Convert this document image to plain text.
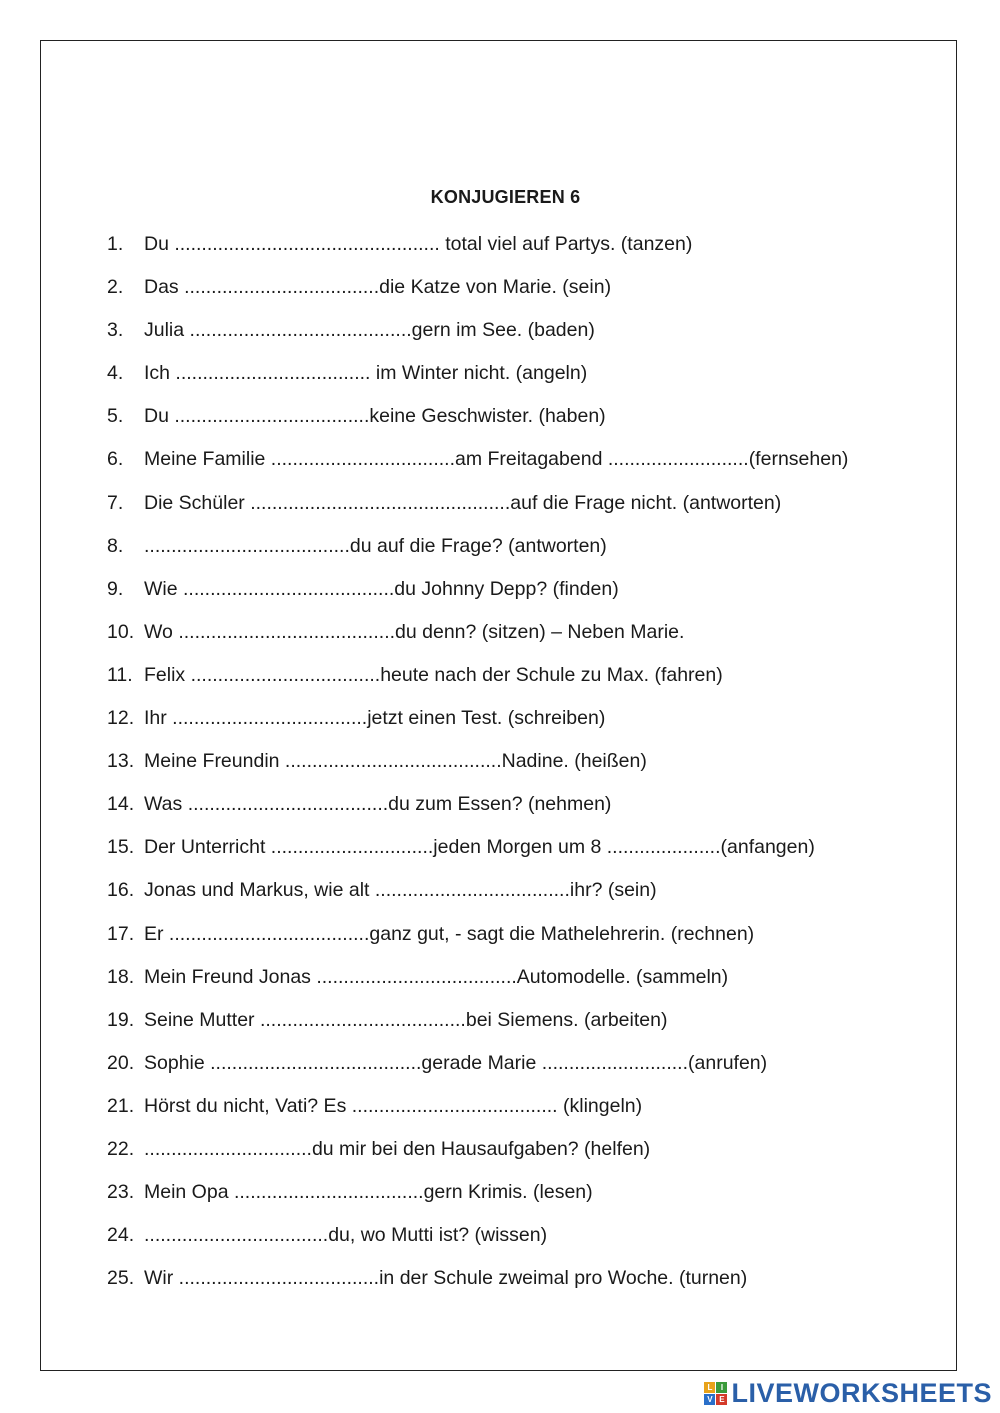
KONJUGIEREN 6
1.	Du ................................................. total viel auf Partys. (tanzen)
2.	Das ....................................die Katze von Marie. (sein)
3.	Julia .........................................gern im See. (baden)
4.	Ich .................................... im Winter nicht. (angeln)
5.	Du ....................................keine Geschwister. (haben)
6.	Meine Familie ..................................am Freitagabend ..........................(fernsehen)
7.	Die Schüler ................................................auf die Frage nicht. (antworten)
8.	......................................du auf die Frage? (antworten)
9.	Wie .......................................du Johnny Depp? (finden)
10. Wo ........................................du denn? (sitzen) – Neben Marie.
11. Felix ...................................heute nach der Schule zu Max. (fahren)
12. Ihr ....................................jetzt einen Test. (schreiben)
13. Meine Freundin ........................................Nadine. (heißen)
14. Was .....................................du zum Essen? (nehmen)
15. Der Unterricht ..............................jeden Morgen um 8 .....................(anfangen)
16. Jonas und Markus, wie alt ....................................ihr? (sein)
17. Er .....................................ganz gut, - sagt die Mathelehrerin. (rechnen)
18. Mein Freund Jonas .....................................Automodelle. (sammeln)
19. Seine Mutter ......................................bei Siemens. (arbeiten)
20. Sophie .......................................gerade Marie ...........................(anrufen)
21. Hörst du nicht, Vati? Es ...................................... (klingeln)
22. ...............................du mir bei den Hausaufgaben? (helfen)
23. Mein Opa ...................................gern Krimis. (lesen)
24. ..................................du, wo Mutti ist? (wissen)
25. Wir .....................................in der Schule zweimal pro Woche. (turnen)
L	I
V E LIVEWORKSHEETS
